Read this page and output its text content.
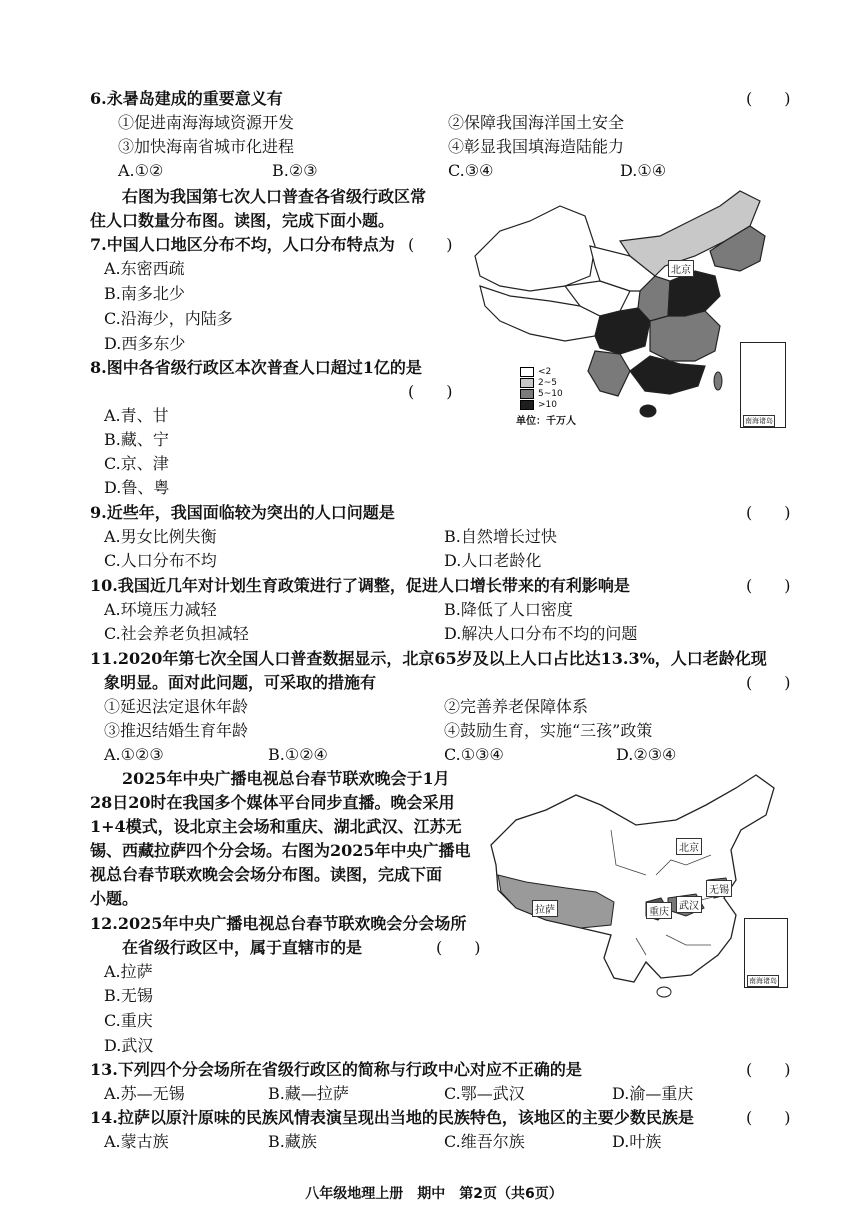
6.永暑岛建成的重要意义有	(　　)
①促进南海海域资源开发	②保障我国海洋国土安全
③加快海南省城市化进程	④彰显我国填海造陆能力
A.①②	B.②③	C.③④	D.①④
　　右图为我国第七次人口普查各省级行政区常
住人口数量分布图。读图，完成下面小题。
7.中国人口地区分布不均，人口分布特点为 (　　)
A.东密西疏
B.南多北少
C.沿海少，内陆多
D.西多东少
8.图中各省级行政区本次普查人口超过1亿的是
(　　)
A.青、甘
B.藏、宁
C.京、津
D.鲁、粤
北京
<2
2~5
5~10
>10
单位：千万人	南海诸岛
9.近些年，我国面临较为突出的人口问题是	(　　)
A.男女比例失衡	B.自然增长过快
C.人口分布不均	D.人口老龄化
10.我国近几年对计划生育政策进行了调整，促进人口增长带来的有利影响是	(　　)
A.环境压力减轻	B.降低了人口密度
C.社会养老负担减轻	D.解决人口分布不均的问题
11.2020年第七次全国人口普查数据显示，北京65岁及以上人口占比达13.3%，人口老龄化现
象明显。面对此问题，可采取的措施有	(　　)
①延迟法定退休年龄	②完善养老保障体系
③推迟结婚生育年龄	④鼓励生育，实施“三孩”政策
A.①②③	B.①②④	C.①③④	D.②③④
　　2025年中央广播电视总台春节联欢晚会于1月
28日20时在我国多个媒体平台同步直播。晚会采用
1+4模式，设北京主会场和重庆、湖北武汉、江苏无
锡、西藏拉萨四个分会场。右图为2025年中央广播电
视总台春节联欢晚会会场分布图。读图，完成下面
小题。
北京
拉萨	重庆
武汉
无锡
南海诸岛
12.2025年中央广播电视总台春节联欢晚会分会场所
在省级行政区中，属于直辖市的是	(　　)
A.拉萨
B.无锡
C.重庆
D.武汉
13.下列四个分会场所在省级行政区的简称与行政中心对应不正确的是	(　　)
A.苏—无锡	B.藏—拉萨	C.鄂—武汉	D.渝—重庆
14.拉萨以原汁原味的民族风情表演呈现出当地的民族特色，该地区的主要少数民族是	(　　)
A.蒙古族	B.藏族	C.维吾尔族	D.叶族
八年级地理上册　期中　第2页（共6页）
